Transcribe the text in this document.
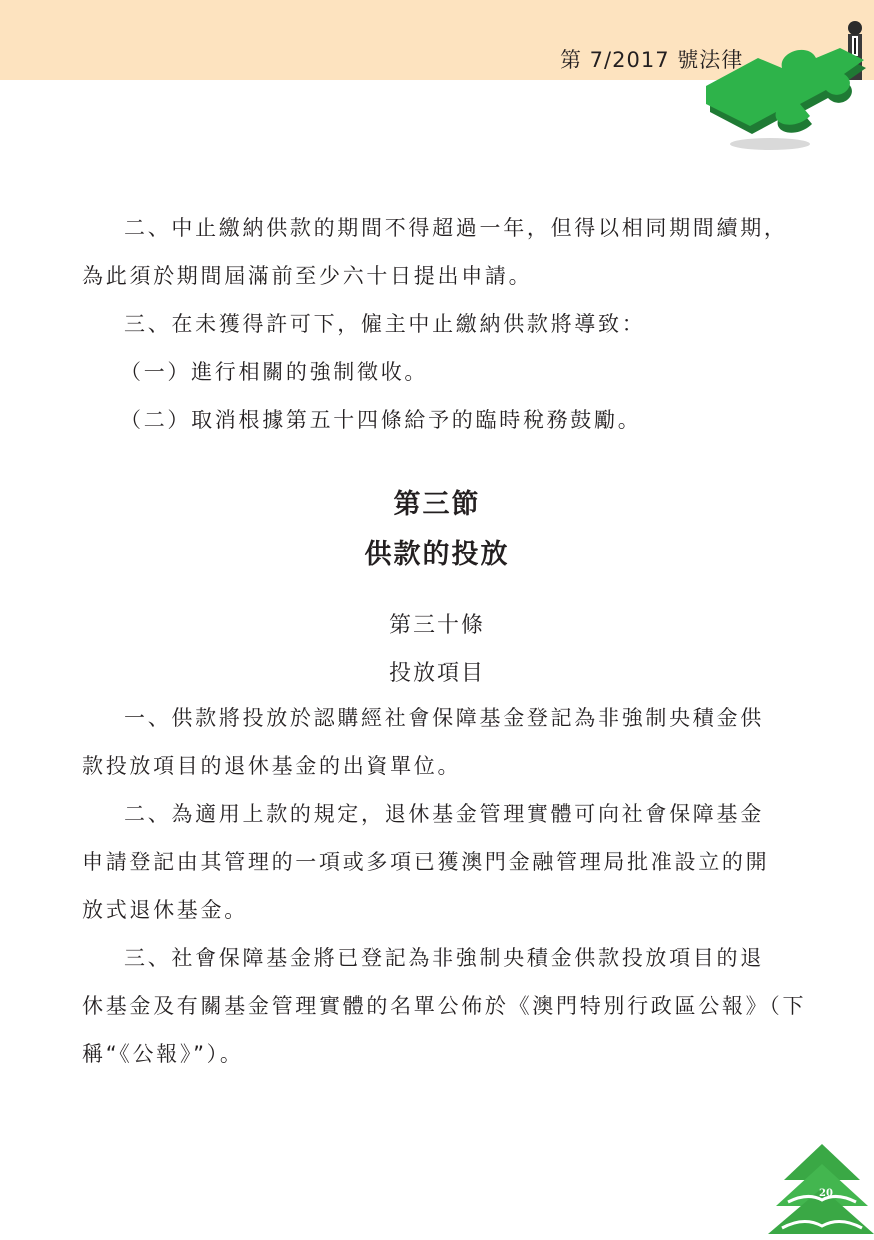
第 7/2017 號法律
二、中止繳納供款的期間不得超過一年，但得以相同期間續期，
為此須於期間屆滿前至少六十日提出申請。
三、在未獲得許可下，僱主中止繳納供款將導致：
（一）進行相關的強制徵收。
（二）取消根據第五十四條給予的臨時稅務鼓勵。
第三節
供款的投放
第三十條
投放項目
一、供款將投放於認購經社會保障基金登記為非強制央積金供
款投放項目的退休基金的出資單位。
二、為適用上款的規定，退休基金管理實體可向社會保障基金
申請登記由其管理的一項或多項已獲澳門金融管理局批准設立的開
放式退休基金。
三、社會保障基金將已登記為非強制央積金供款投放項目的退
休基金及有關基金管理實體的名單公佈於《澳門特別行政區公報》（下
稱“《公報》”）。
20
